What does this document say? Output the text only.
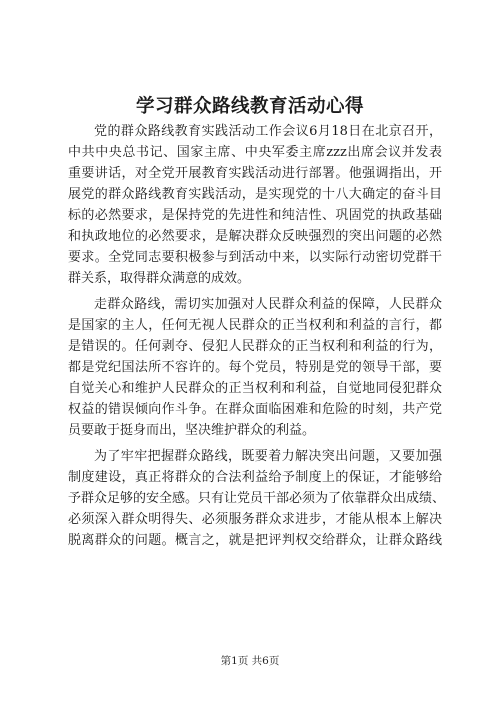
学习群众路线教育活动心得
党的群众路线教育实践活动工作会议6月18日在北京召开，
中共中央总书记、国家主席、中央军委主席zzz出席会议并发表
重要讲话，对全党开展教育实践活动进行部署。他强调指出，开
展党的群众路线教育实践活动，是实现党的十八大确定的奋斗目
标的必然要求，是保持党的先进性和纯洁性、巩固党的执政基础
和执政地位的必然要求，是解决群众反映强烈的突出问题的必然
要求。全党同志要积极参与到活动中来，以实际行动密切党群干
群关系，取得群众满意的成效。
走群众路线，需切实加强对人民群众利益的保障，人民群众
是国家的主人，任何无视人民群众的正当权利和利益的言行，都
是错误的。任何剥夺、侵犯人民群众的正当权利和利益的行为，
都是党纪国法所不容许的。每个党员，特别是党的领导干部，要
自觉关心和维护人民群众的正当权利和利益，自觉地同侵犯群众
权益的错误倾向作斗争。在群众面临困难和危险的时刻，共产党
员要敢于挺身而出，坚决维护群众的利益。
为了牢牢把握群众路线，既要着力解决突出问题，又要加强
制度建设，真正将群众的合法利益给予制度上的保证，才能够给
予群众足够的安全感。只有让党员干部必须为了依靠群众出成绩、
必须深入群众明得失、必须服务群众求进步，才能从根本上解决
脱离群众的问题。概言之，就是把评判权交给群众，让群众路线
第1页 共6页
